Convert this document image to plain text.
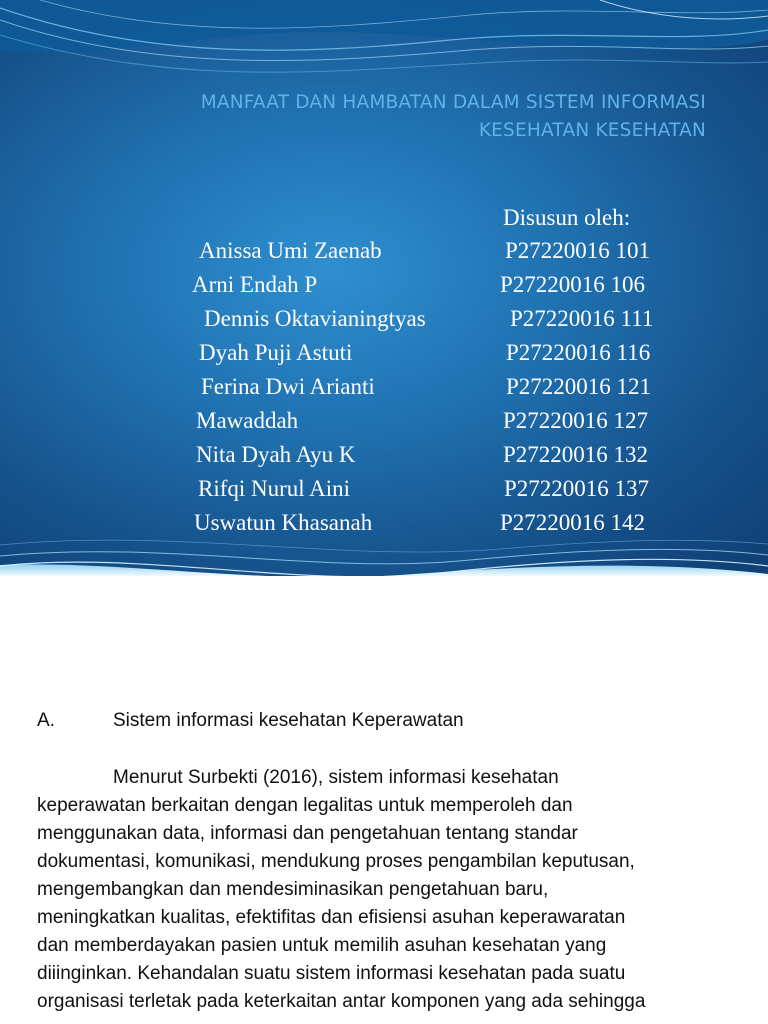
MANFAAT DAN HAMBATAN DALAM SISTEM INFORMASI
KESEHATAN KESEHATAN
Disusun oleh:
Anissa Umi Zaenab	P27220016 101
Arni Endah P	P27220016 106
Dennis Oktavianingtyas	P27220016 111
Dyah Puji Astuti	P27220016 116
Ferina Dwi Arianti	P27220016 121
Mawaddah	P27220016 127
Nita Dyah Ayu K	P27220016 132
Rifqi Nurul Aini	P27220016 137
Uswatun Khasanah	P27220016 142
A.	Sistem informasi kesehatan Keperawatan
Menurut Surbekti (2016), sistem informasi kesehatan
keperawatan berkaitan dengan legalitas untuk memperoleh dan
menggunakan data, informasi dan pengetahuan tentang standar
dokumentasi, komunikasi, mendukung proses pengambilan keputusan,
mengembangkan dan mendesiminasikan pengetahuan baru,
meningkatkan kualitas, efektifitas dan efisiensi asuhan keperawaratan
dan memberdayakan pasien untuk memilih asuhan kesehatan yang
diiinginkan. Kehandalan suatu sistem informasi kesehatan pada suatu
organisasi terletak pada keterkaitan antar komponen yang ada sehingga
